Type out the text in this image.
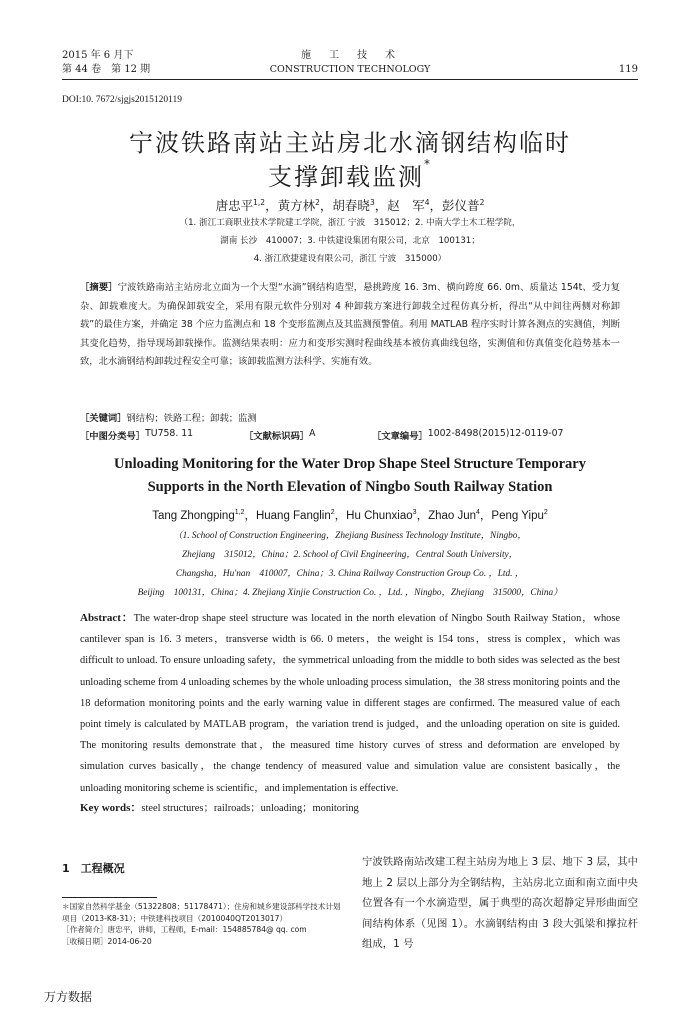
2015 年 6 月下
第 44 卷　第 12 期
施　工　技　术
CONSTRUCTION TECHNOLOGY	119
DOI:10. 7672/sjgjs2015120119
宁波铁路南站主站房北水滴钢结构临时
支撑卸载监测*
唐忠平$^{1,2}$，黄方林$^2$，胡春晓$^3$，赵　军$^4$，彭仪普$^2$
（1. 浙江工商职业技术学院建工学院，浙江 宁波　315012；2. 中南大学土木工程学院，
湖南 长沙　410007；3. 中铁建设集团有限公司，北京　100131；
4. 浙江欣捷建设有限公司，浙江 宁波　315000）
［摘要］宁波铁路南站主站房北立面为一个大型“水滴”钢结构造型，悬挑跨度 16. 3m、横向跨度 66. 0m、质量达 154t、受力复杂、卸载难度大。为确保卸载安全，采用有限元软件分别对 4 种卸载方案进行卸载全过程仿真分析，得出“从中间往两侧对称卸载”的最佳方案，并确定 38 个应力监测点和 18 个变形监测点及其监测预警值。利用 MATLAB 程序实时计算各测点的实测值，判断其变化趋势，指导现场卸载操作。监测结果表明：应力和变形实测时程曲线基本被仿真曲线包络，实测值和仿真值变化趋势基本一致，北水滴钢结构卸载过程安全可靠；该卸载监测方法科学、实施有效。
［关键词］钢结构；铁路工程；卸载；监测
［中图分类号］ TU758. 11	［文献标识码］ A	［文章编号］ 1002-8498(2015)12-0119-07
Unloading Monitoring for the Water Drop Shape Steel Structure Temporary
Supports in the North Elevation of Ningbo South Railway Station
Tang Zhongping$^{1,2}$，Huang Fanglin$^2$，Hu Chunxiao$^3$，Zhao Jun$^4$，Peng Yipu$^2$
（1. School of Construction Engineering，Zhejiang Business Technology Institute，Ningbo，
Zhejiang　315012，China；2. School of Civil Engineering，Central South University，
Changsha，Hu'nan　410007，China；3. China Railway Construction Group Co. ，Ltd. ，
Beijing　100131，China；4. Zhejiang Xinjie Construction Co. ，Ltd. ，Ningbo，Zhejiang　315000，China）
Abstract：The water-drop shape steel structure was located in the north elevation of Ningbo South Railway Station，whose cantilever span is 16. 3 meters，transverse width is 66. 0 meters，the weight is 154 tons，stress is complex，which was difficult to unload. To ensure unloading safety，the symmetrical unloading from the middle to both sides was selected as the best unloading scheme from 4 unloading schemes by the whole unloading process simulation，the 38 stress monitoring points and the 18 deformation monitoring points and the early warning value in different stages are confirmed. The measured value of each point timely is calculated by MATLAB program，the variation trend is judged，and the unloading operation on site is guided. The monitoring results demonstrate that，the measured time history curves of stress and deformation are enveloped by simulation curves basically，the change tendency of measured value and simulation value are consistent basically，the unloading monitoring scheme is scientific，and implementation is effective.
Key words：steel structures；railroads；unloading；monitoring
1　 工程概况
＊国家自然科学基金（51322808；51178471）；住房和城乡建设部科学技术计划项目（2013-K8-31）；中铁建科技项目（2010040QT2013017）
［作者简介］唐忠平，讲师，工程师，E-mail：154885784@ qq. com
［收稿日期］2014-06-20
宁波铁路南站改建工程主站房为地上 3 层、地下 3 层，其中地上 2 层以上部分为全钢结构，主站房北立面和南立面中央位置各有一个水滴造型，属于典型的高次超静定异形曲面空间结构体系（见图 1）。水滴钢结构由 3 段大弧梁和撑拉杆组成，1 号
万方数据
